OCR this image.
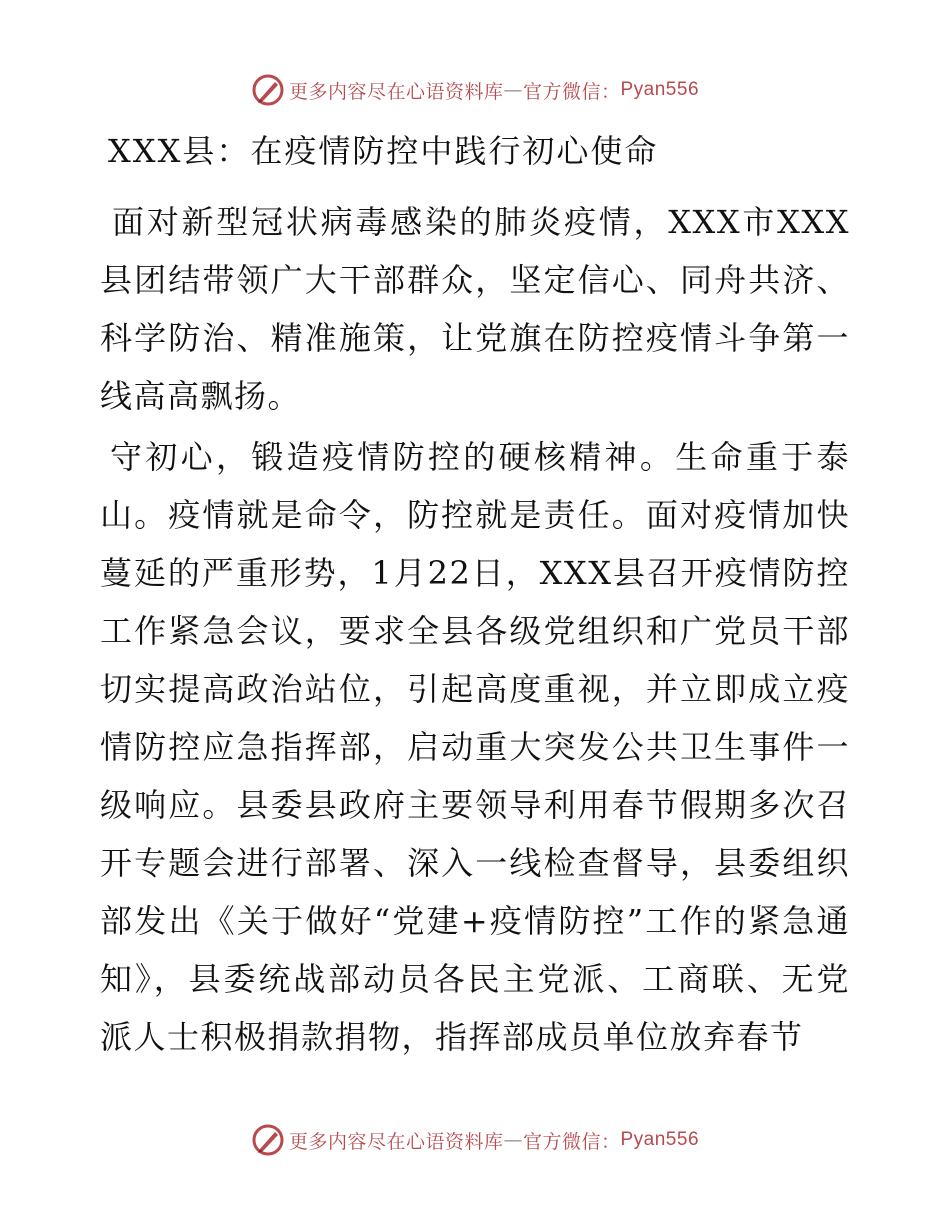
更多内容尽在心语资料库 — 官方微信： Pyan556
XXX县：在疫情防控中践行初心使命
面对新型冠状病毒感染的肺炎疫情，XXX市XXX县团结带领广大干部群众，坚定信心、同舟共济、科学防治、精准施策，让党旗在防控疫情斗争第一线高高飘扬。
守初心，锻造疫情防控的硬核精神。生命重于泰山。疫情就是命令，防控就是责任。面对疫情加快蔓延的严重形势，1月22日，XXX县召开疫情防控工作紧急会议，要求全县各级党组织和广党员干部切实提高政治站位，引起高度重视，并立即成立疫情防控应急指挥部，启动重大突发公共卫生事件一级响应。县委县政府主要领导利用春节假期多次召开专题会进行部署、深入一线检查督导，县委组织部发出《关于做好“党建+疫情防控”工作的紧急通知》，县委统战部动员各民主党派、工商联、无党派人士积极捐款捐物，指挥部成员单位放弃春节
更多内容尽在心语资料库 — 官方微信： Pyan556
